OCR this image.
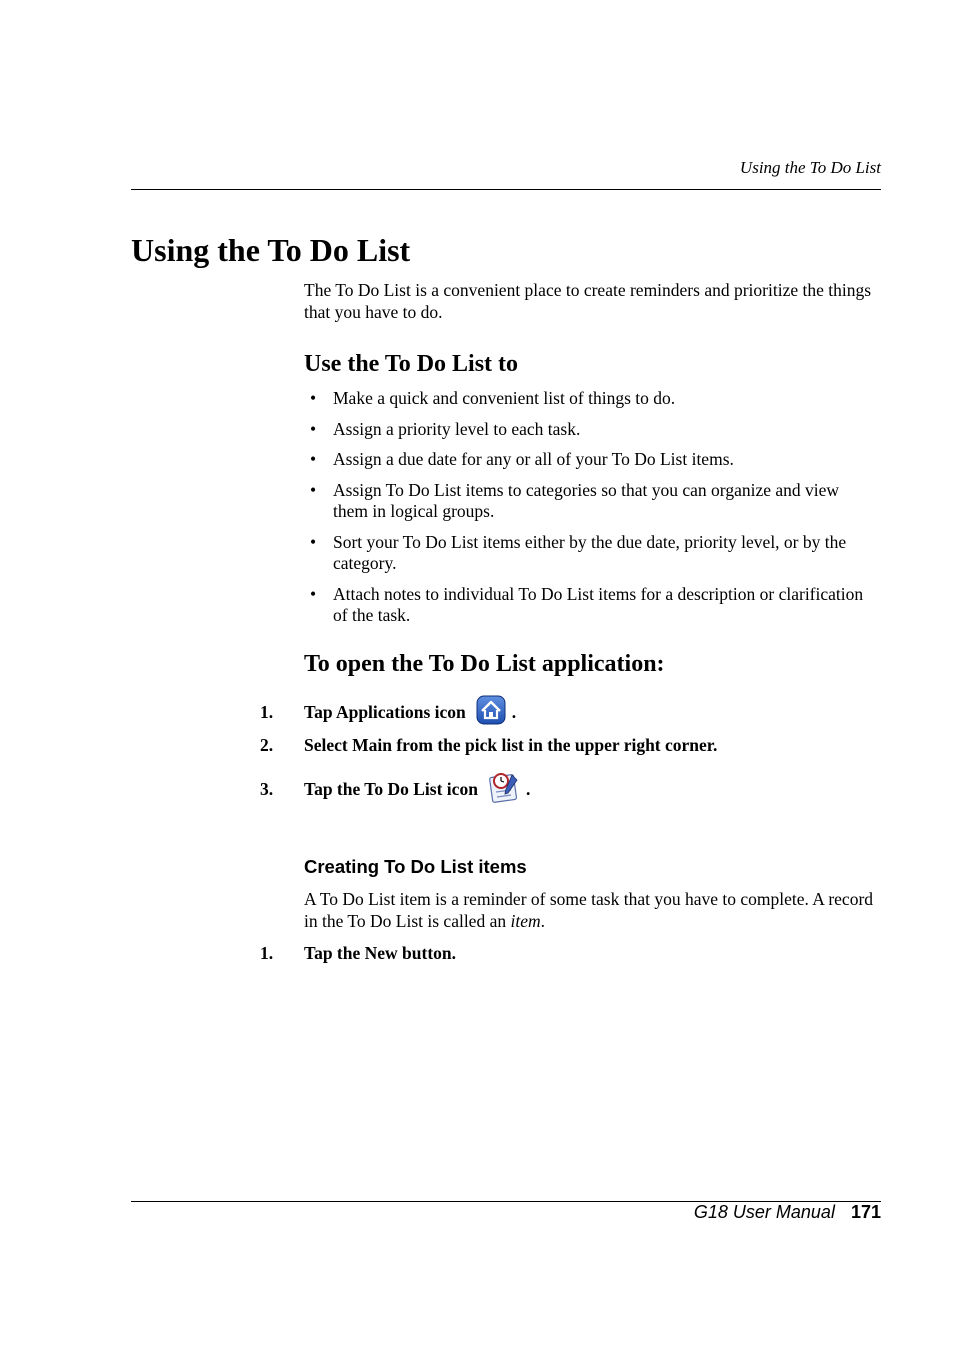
Using the To Do List
Using the To Do List
The To Do List is a convenient place to create reminders and prioritize the things that you have to do.
Use the To Do List to
• Make a quick and convenient list of things to do.
• Assign a priority level to each task.
• Assign a due date for any or all of your To Do List items.
• Assign To Do List items to categories so that you can organize and view them in logical groups.
• Sort your To Do List items either by the due date, priority level, or by the category.
• Attach notes to individual To Do List items for a description or clarification of the task.
To open the To Do List application:
1.	Tap Applications icon	.
2.	Select Main from the pick list in the upper right corner.
3.	Tap the To Do List icon	.
Creating To Do List items
A To Do List item is a reminder of some task that you have to complete. A record in the To Do List is called an item.
1.	Tap the New button.
G18 User Manual 171
